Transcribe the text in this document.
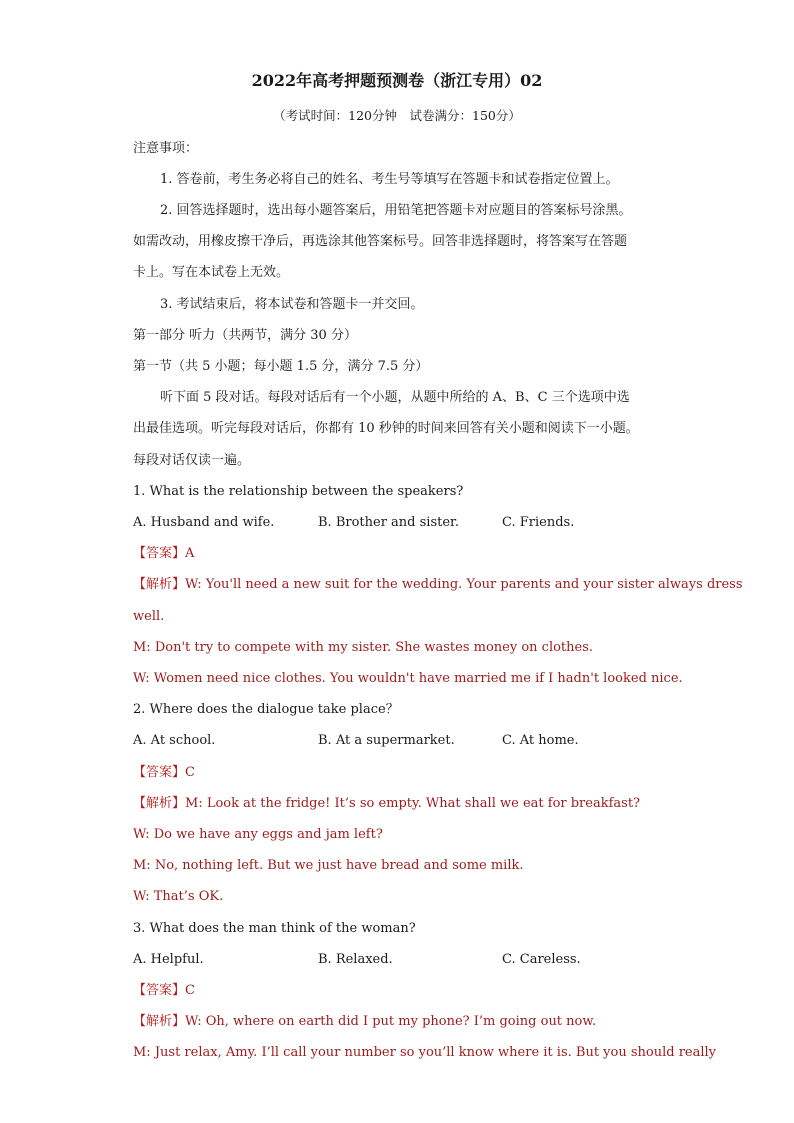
2022年高考押题预测卷（浙江专用）02
（考试时间：120分钟　试卷满分：150分）
注意事项：
1. 答卷前，考生务必将自己的姓名、考生号等填写在答题卡和试卷指定位置上。
2. 回答选择题时，选出每小题答案后，用铅笔把答题卡对应题目的答案标号涂黑。
如需改动，用橡皮擦干净后，再选涂其他答案标号。回答非选择题时，将答案写在答题
卡上。写在本试卷上无效。
3. 考试结束后，将本试卷和答题卡一并交回。
第一部分 听力（共两节，满分 30 分）
第一节（共 5 小题；每小题 1.5 分，满分 7.5 分）
听下面 5 段对话。每段对话后有一个小题，从题中所给的 A、B、C 三个选项中选
出最佳选项。听完每段对话后，你都有 10 秒钟的时间来回答有关小题和阅读下一小题。
每段对话仅读一遍。
1. What is the relationship between the speakers?
A. Husband and wife.	B. Brother and sister.	C. Friends.
【答案】A
【解析】W: You'll need a new suit for the wedding. Your parents and your sister always dress
well.
M: Don't try to compete with my sister. She wastes money on clothes.
W: Women need nice clothes. You wouldn't have married me if I hadn't looked nice.
2. Where does the dialogue take place？
A. At school.	B. At a supermarket.	C. At home.
【答案】C
【解析】M: Look at the fridge! It’s so empty. What shall we eat for breakfast?
W: Do we have any eggs and jam left?
M: No, nothing left. But we just have bread and some milk.
W: That’s OK.
3. What does the man think of the woman?
A. Helpful.	B. Relaxed.	C. Careless.
【答案】C
【解析】W: Oh, where on earth did I put my phone? I’m going out now.
M: Just relax, Amy. I’ll call your number so you’ll know where it is. But you should really
